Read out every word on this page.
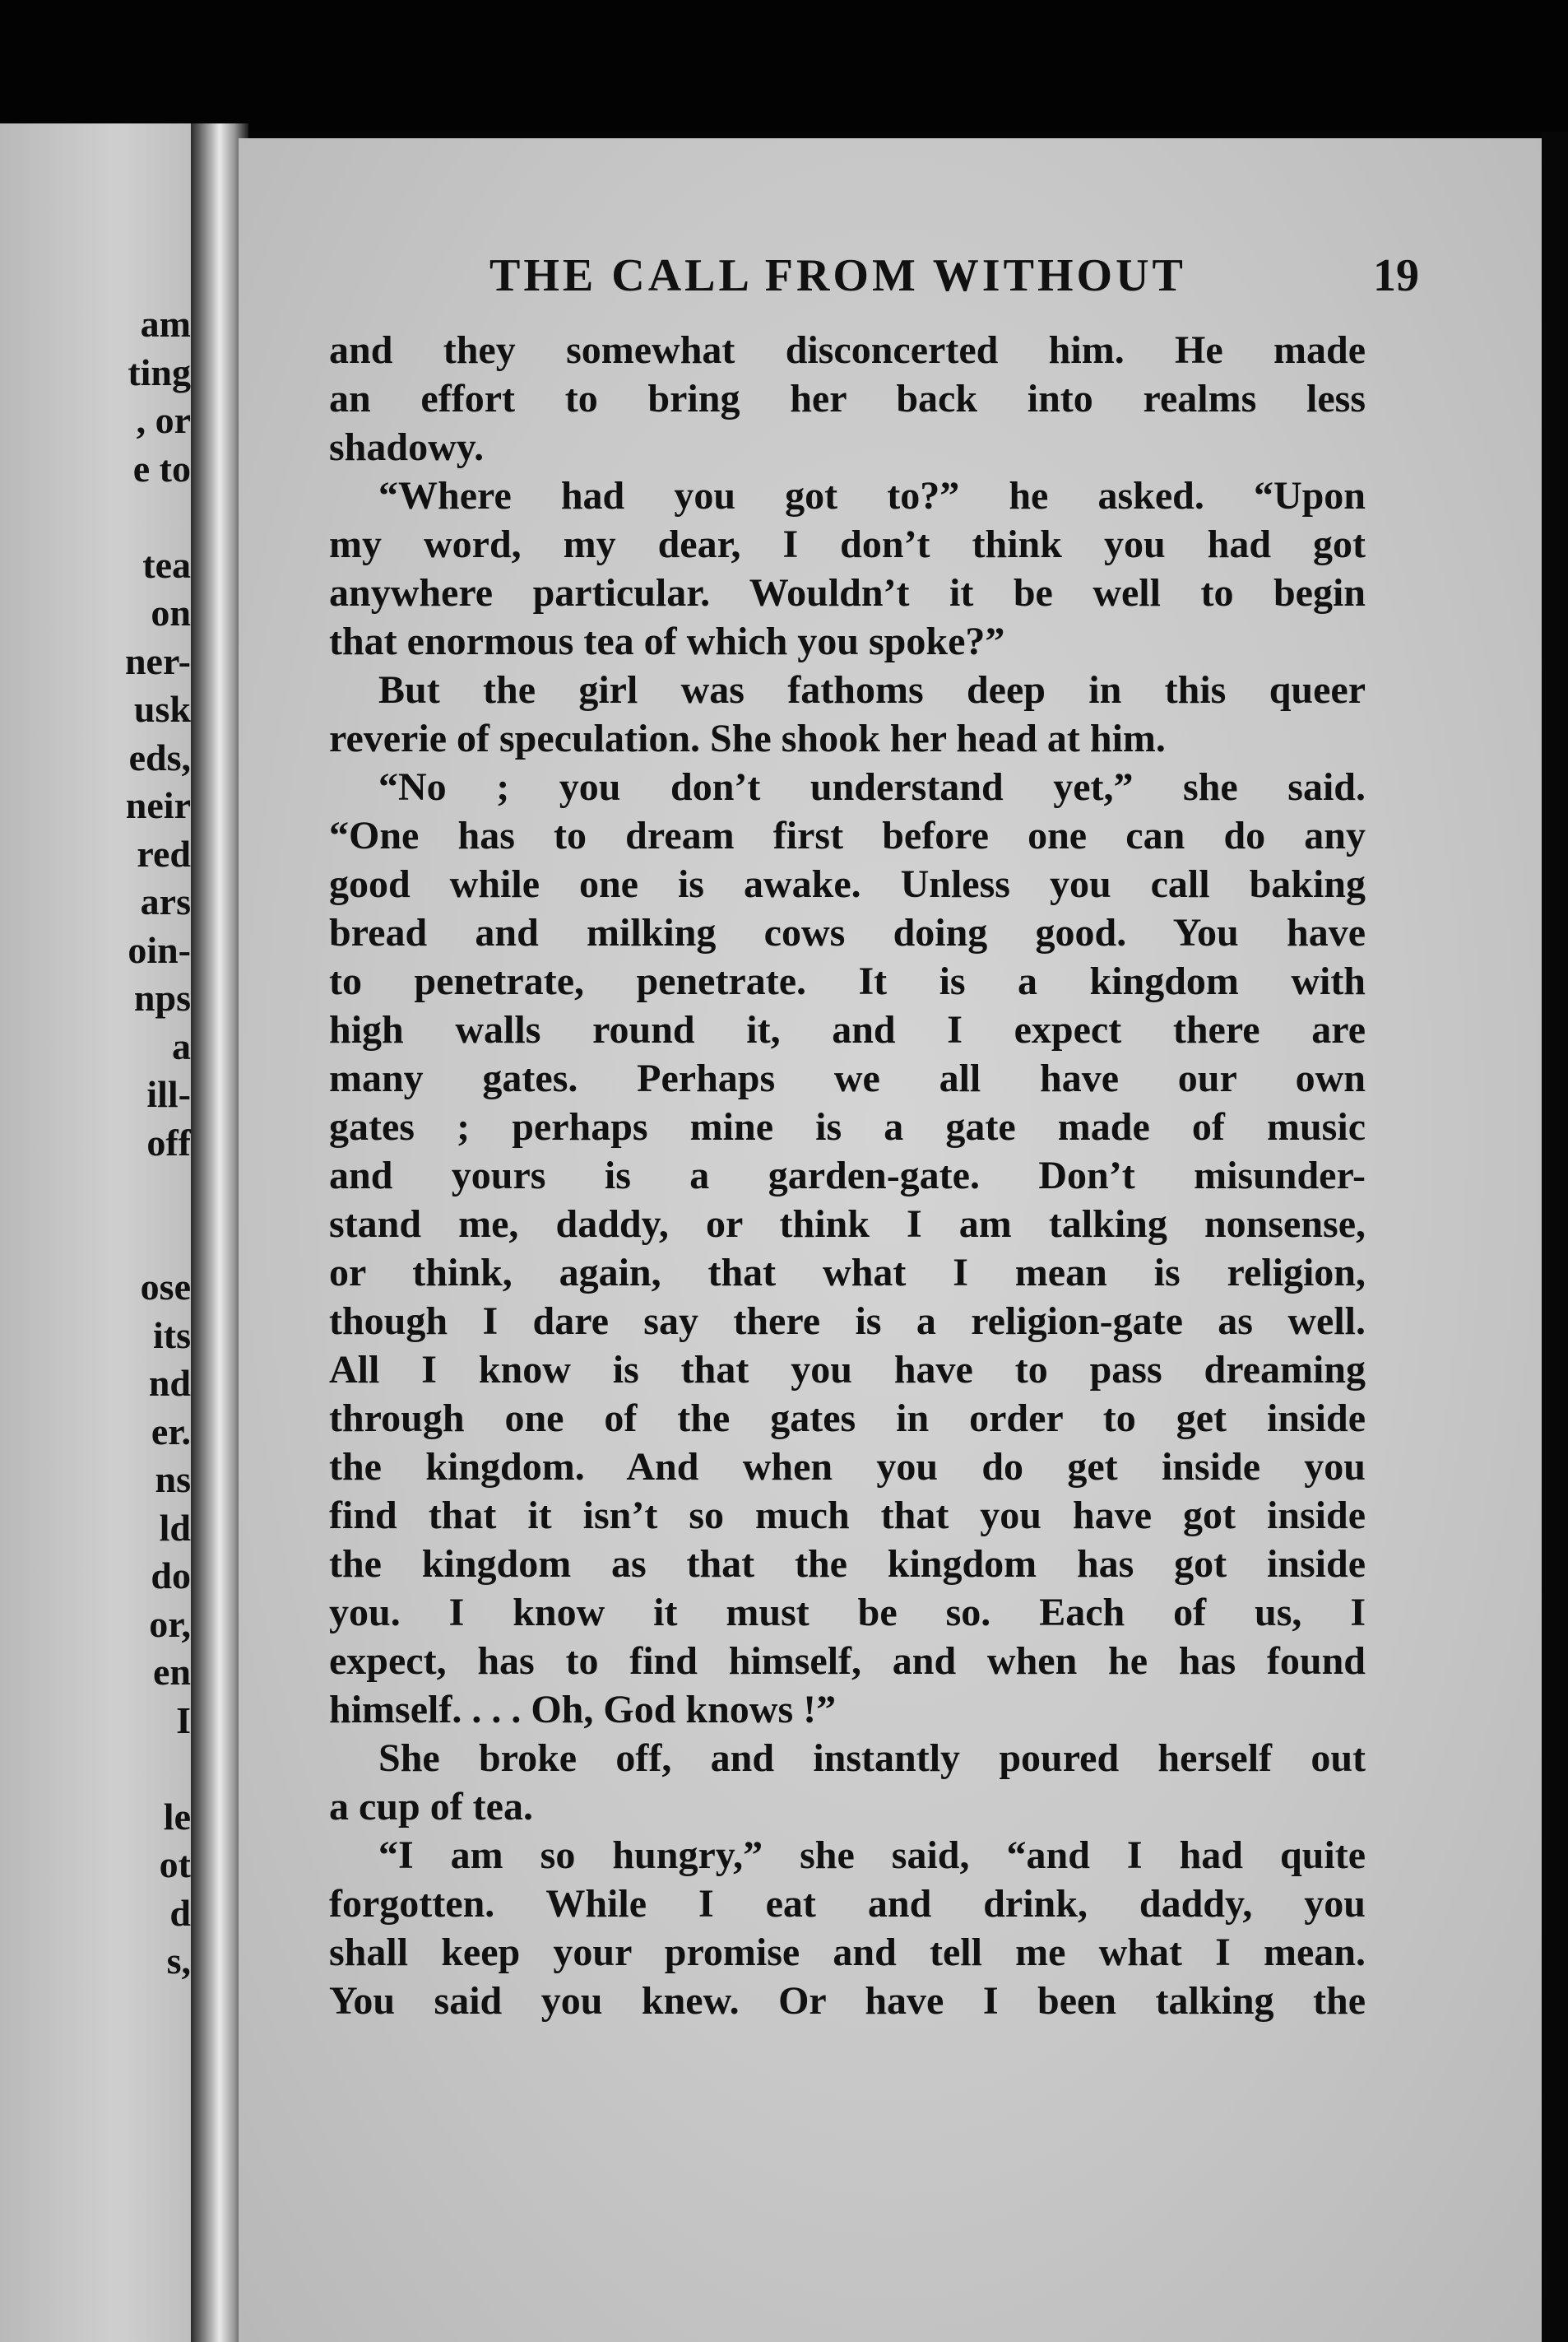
am
ting
, or
e to
tea
on
ner-
usk
eds,
neir
red
ars
oin-
nps
a
ill-
off
ose
its
nd
er.
ns
ld
do
or,
en
I
le
ot
d
s,
THE CALL FROM WITHOUT	19
and they somewhat disconcerted him. He made
an effort to bring her back into realms less
shadowy.
“Where had you got to?” he asked. “Upon
my word, my dear, I don’t think you had got
anywhere particular. Wouldn’t it be well to begin
that enormous tea of which you spoke?”
But the girl was fathoms deep in this queer
reverie of speculation. She shook her head at him.
“No ; you don’t understand yet,” she said.
“One has to dream first before one can do any
good while one is awake. Unless you call baking
bread and milking cows doing good. You have
to penetrate, penetrate. It is a kingdom with
high walls round it, and I expect there are
many gates. Perhaps we all have our own
gates ; perhaps mine is a gate made of music
and yours is a garden-gate. Don’t misunder-
stand me, daddy, or think I am talking nonsense,
or think, again, that what I mean is religion,
though I dare say there is a religion-gate as well.
All I know is that you have to pass dreaming
through one of the gates in order to get inside
the kingdom. And when you do get inside you
find that it isn’t so much that you have got inside
the kingdom as that the kingdom has got inside
you. I know it must be so. Each of us, I
expect, has to find himself, and when he has found
himself. . . . Oh, God knows !”
She broke off, and instantly poured herself out
a cup of tea.
“I am so hungry,” she said, “and I had quite
forgotten. While I eat and drink, daddy, you
shall keep your promise and tell me what I mean.
You said you knew. Or have I been talking the
